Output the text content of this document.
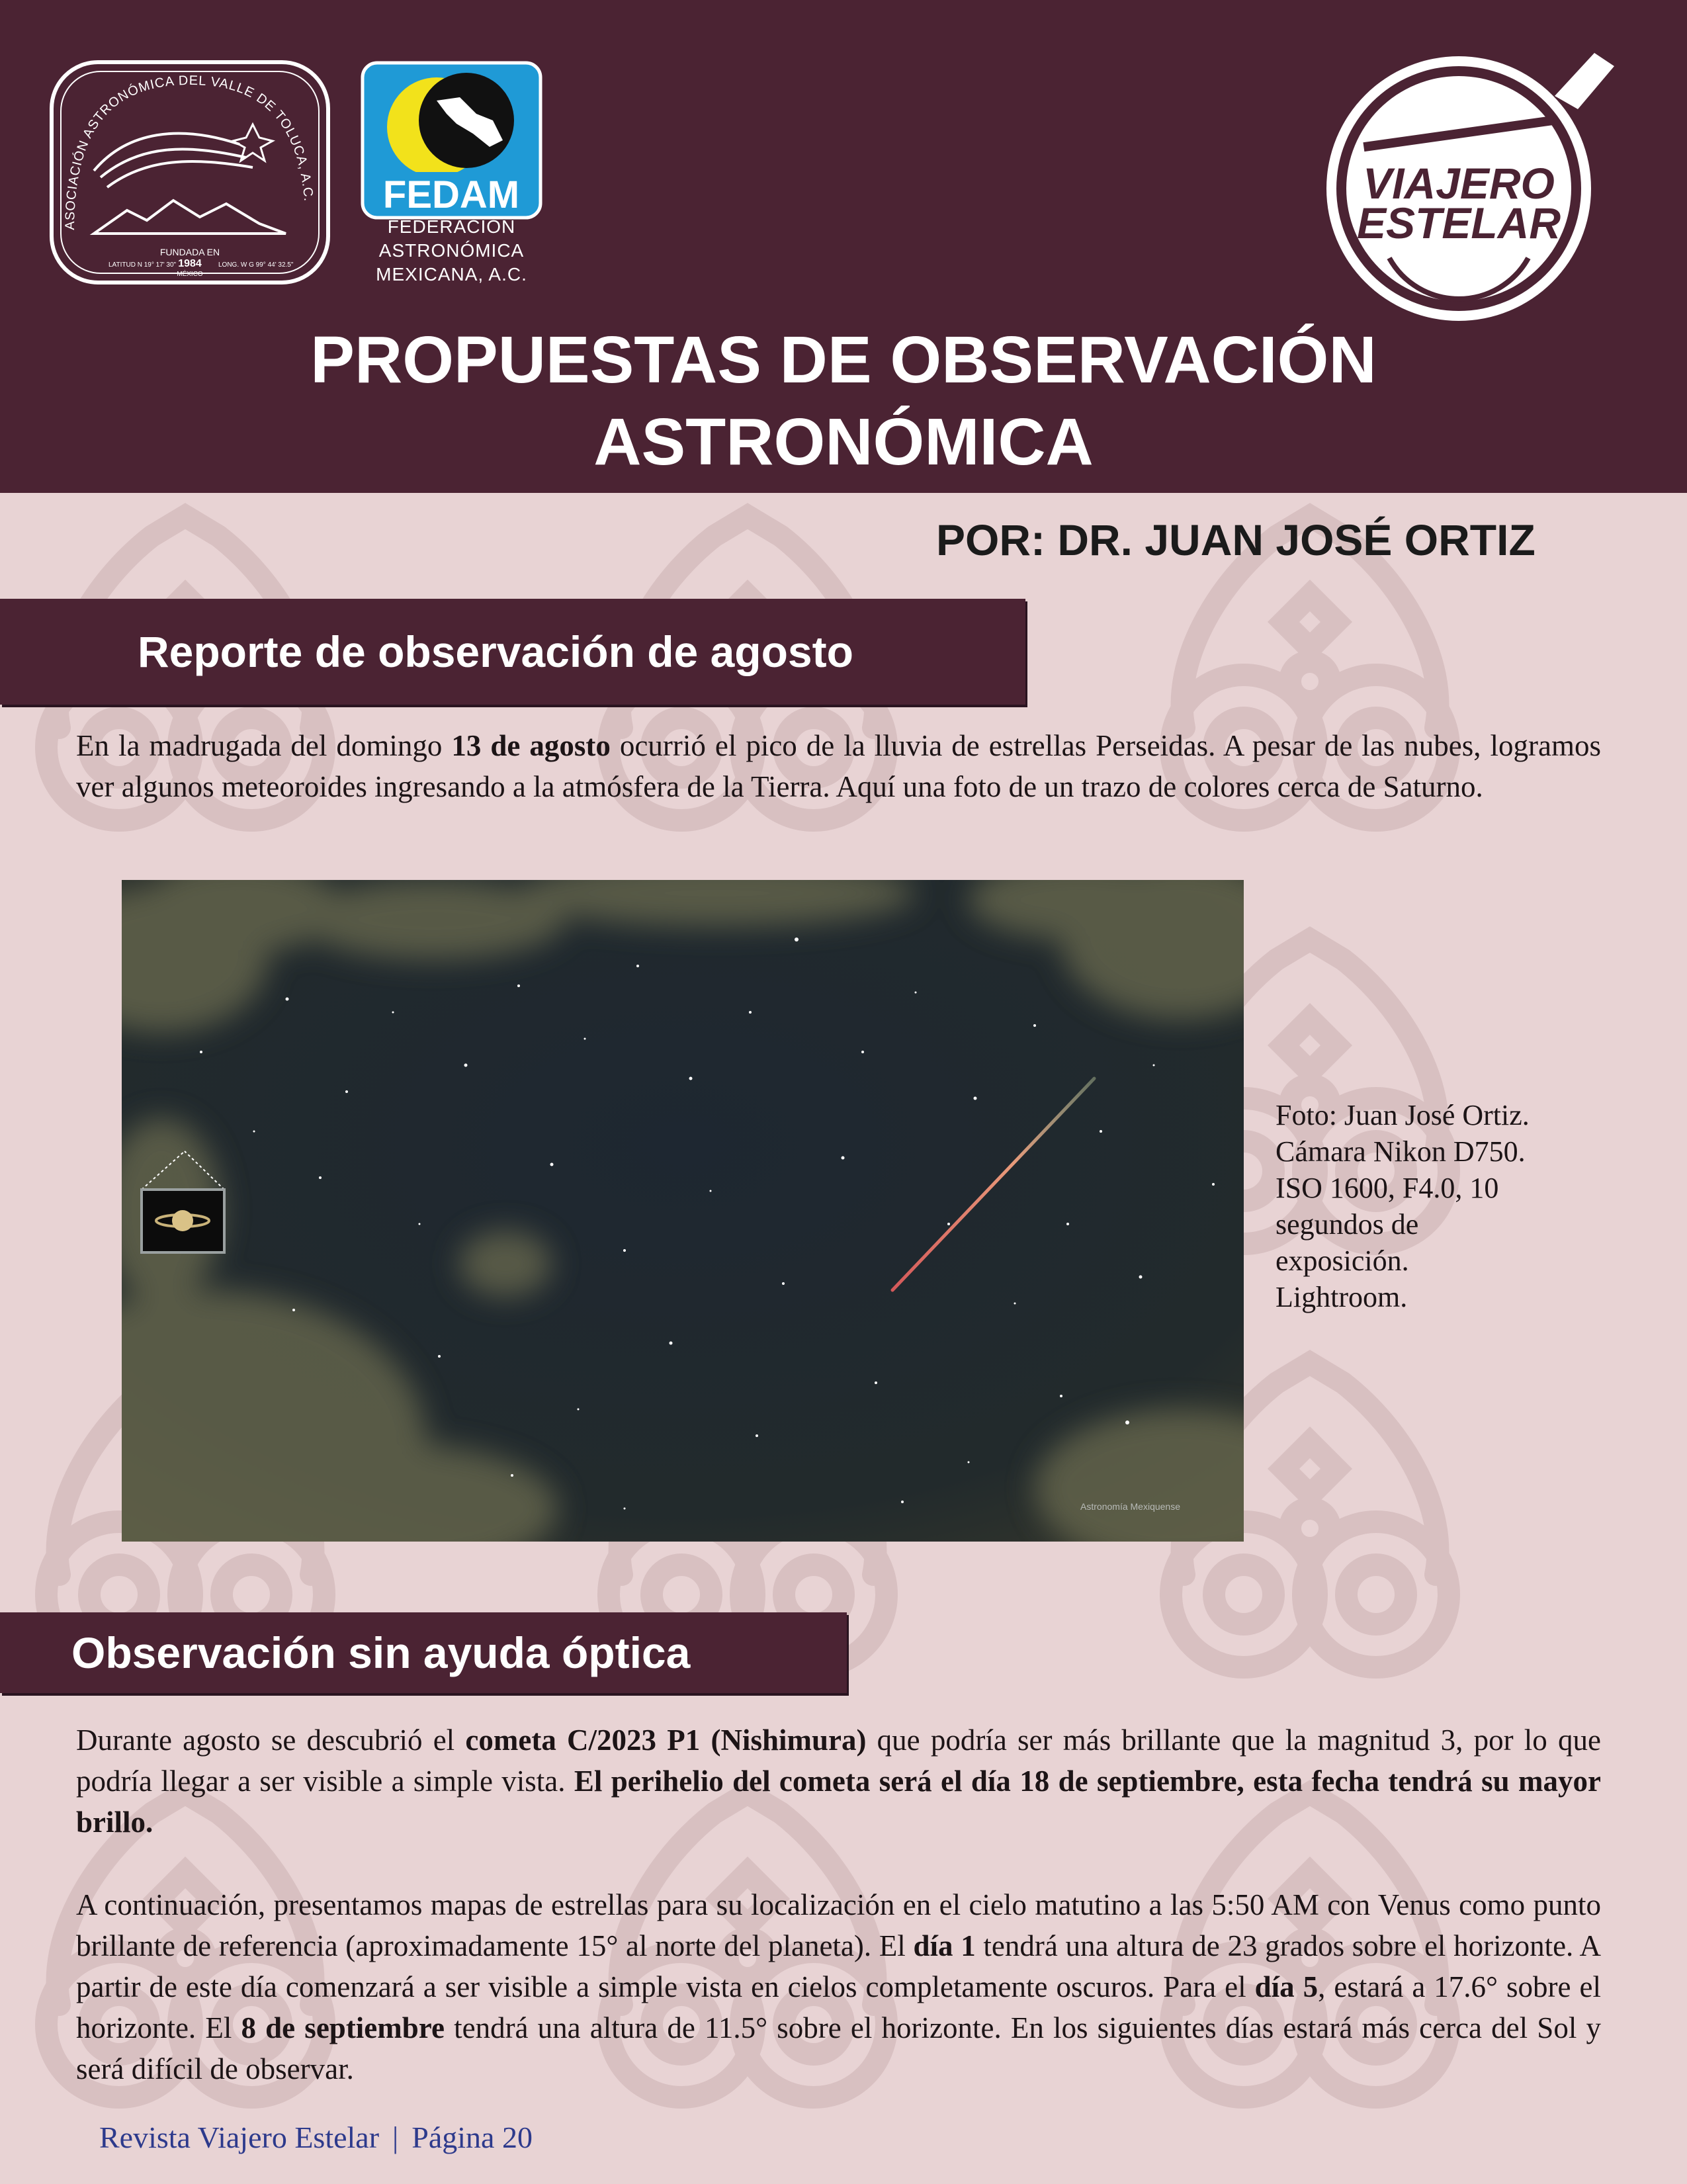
ASOCIACIÓN ASTRONÓMICA DEL VALLE DE TOLUCA, A.C.
FUNDADA EN
1984
MÉXICO
LATITUD N 19° 17' 30"	LONG. W G 99° 44' 32.5"
FEDAM
FEDERACIÓN
ASTRONÓMICA
MEXICANA, A.C.
VIAJERO
ESTELAR
PROPUESTAS DE OBSERVACIÓN
ASTRONÓMICA
POR: DR. JUAN JOSÉ ORTIZ
Reporte de observación de agosto

En la madrugada del domingo 13 de agosto ocurrió el pico de la lluvia de estrellas Perseidas. A pesar de las nubes, logramos ver algunos meteoroides ingresando a la atmósfera de la Tierra. Aquí una foto de un trazo de colores cerca de Saturno.

Astronomía Mexiquense
Foto: Juan José Ortiz.
Cámara Nikon D750.
ISO 1600, F4.0, 10
segundos de
exposición.
Lightroom.
Observación sin ayuda óptica

Durante agosto se descubrió el cometa C/2023 P1 (Nishimura) que podría ser más brillante que la magnitud 3, por lo que podría llegar a ser visible a simple vista. El perihelio del cometa será el día 18 de septiembre, esta fecha tendrá su mayor brillo.

A continuación, presentamos mapas de estrellas para su localización en el cielo matutino a las 5:50 AM con Venus como punto brillante de referencia (aproximadamente 15° al norte del planeta). El día 1 tendrá una altura de 23 grados sobre el horizonte. A partir de este día comenzará a ser visible a simple vista en cielos completamente oscuros. Para el día 5, estará a 17.6° sobre el horizonte. El 8 de septiembre tendrá una altura de 11.5° sobre el horizonte. En los siguientes días estará más cerca del Sol y será difícil de observar.

Revista Viajero Estelar | Página 20
